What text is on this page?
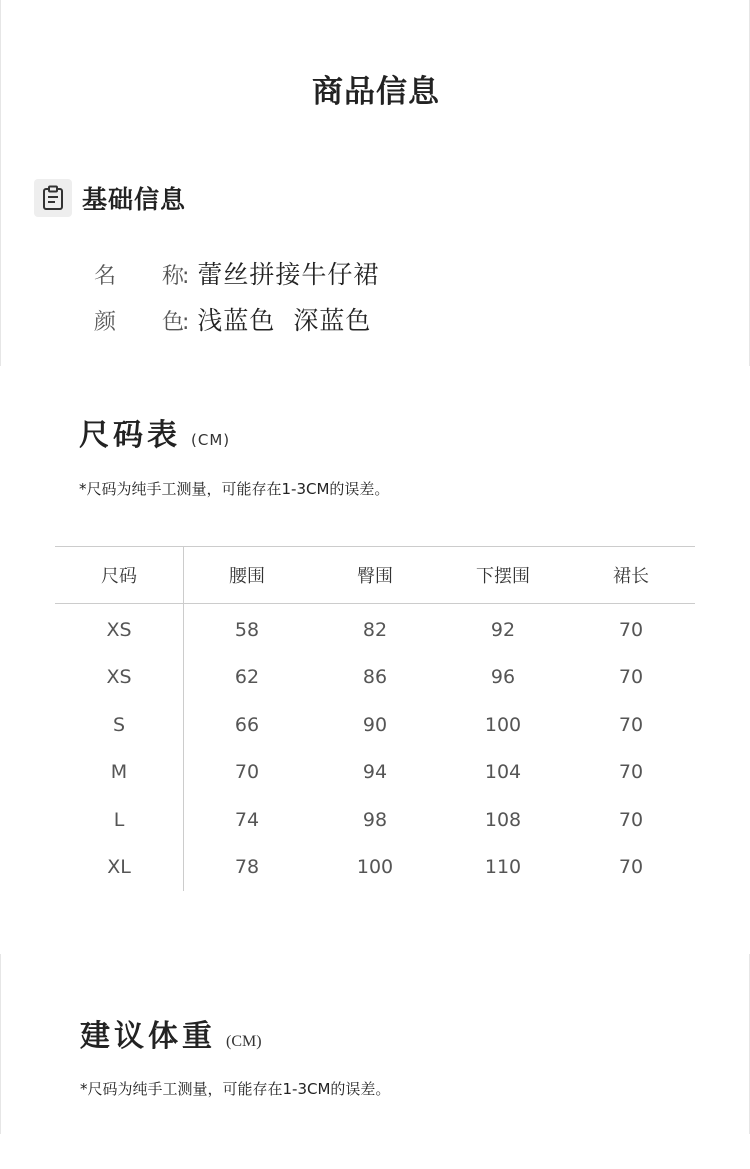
商品信息
基础信息
名 称
: 蕾丝拼接牛仔裙
颜 色
: 浅蓝色  深蓝色
尺码表 (CM)
*尺码为纯手工测量，可能存在1-3CM的误差。
尺码	腰围	臀围	下摆围	裙长
XS	58	82	92	70
XS	62	86	96	70
S	66	90	100	70
M	70	94	104	70
L	74	98	108	70
XL	78	100	110	70
建议体重 (CM)
*尺码为纯手工测量，可能存在1-3CM的误差。
